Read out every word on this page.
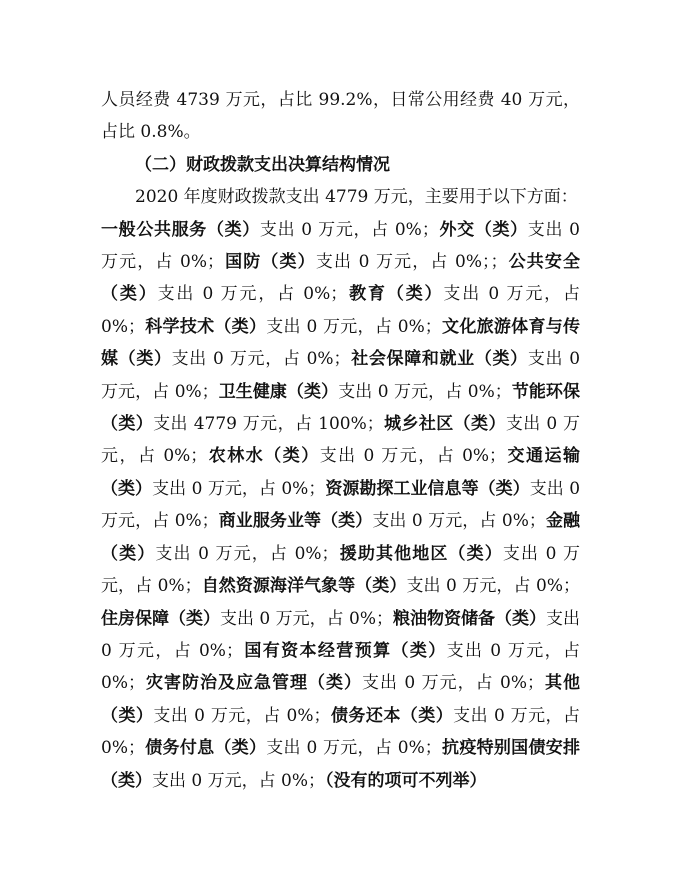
人员经费 4739 万元，占比 99.2%，日常公用经费 40 万元，占比 0.8%。

（二）财政拨款支出决算结构情况

2020 年度财政拨款支出 4779 万元，主要用于以下方面：
一般公共服务（类）支出 0 万元，占 0%；外交（类）支出 0 万元，占 0%；国防（类）支出 0 万元，占 0%；；公共安全（类）支出 0 万元，占 0%；教育（类）支出 0 万元，占 0%；科学技术（类）支出 0 万元，占 0%；文化旅游体育与传媒（类）支出 0 万元，占 0%；社会保障和就业（类）支出 0 万元，占 0%；卫生健康（类）支出 0 万元，占 0%；节能环保（类）支出 4779 万元，占 100%；城乡社区（类）支出 0 万元，占 0%；农林水（类）支出 0 万元，占 0%；交通运输（类）支出 0 万元，占 0%；资源勘探工业信息等（类）支出 0 万元，占 0%；商业服务业等（类）支出 0 万元，占 0%；金融（类）支出 0 万元，占 0%；援助其他地区（类）支出 0 万元，占 0%；自然资源海洋气象等（类）支出 0 万元，占 0%；住房保障（类）支出 0 万元，占 0%；粮油物资储备（类）支出 0 万元，占 0%；国有资本经营预算（类）支出 0 万元，占 0%；灾害防治及应急管理（类）支出 0 万元，占 0%；其他（类）支出 0 万元，占 0%；债务还本（类）支出 0 万元，占 0%；债务付息（类）支出 0 万元，占 0%；抗疫特别国债安排（类）支出 0 万元，占 0%；（没有的项可不列举）
